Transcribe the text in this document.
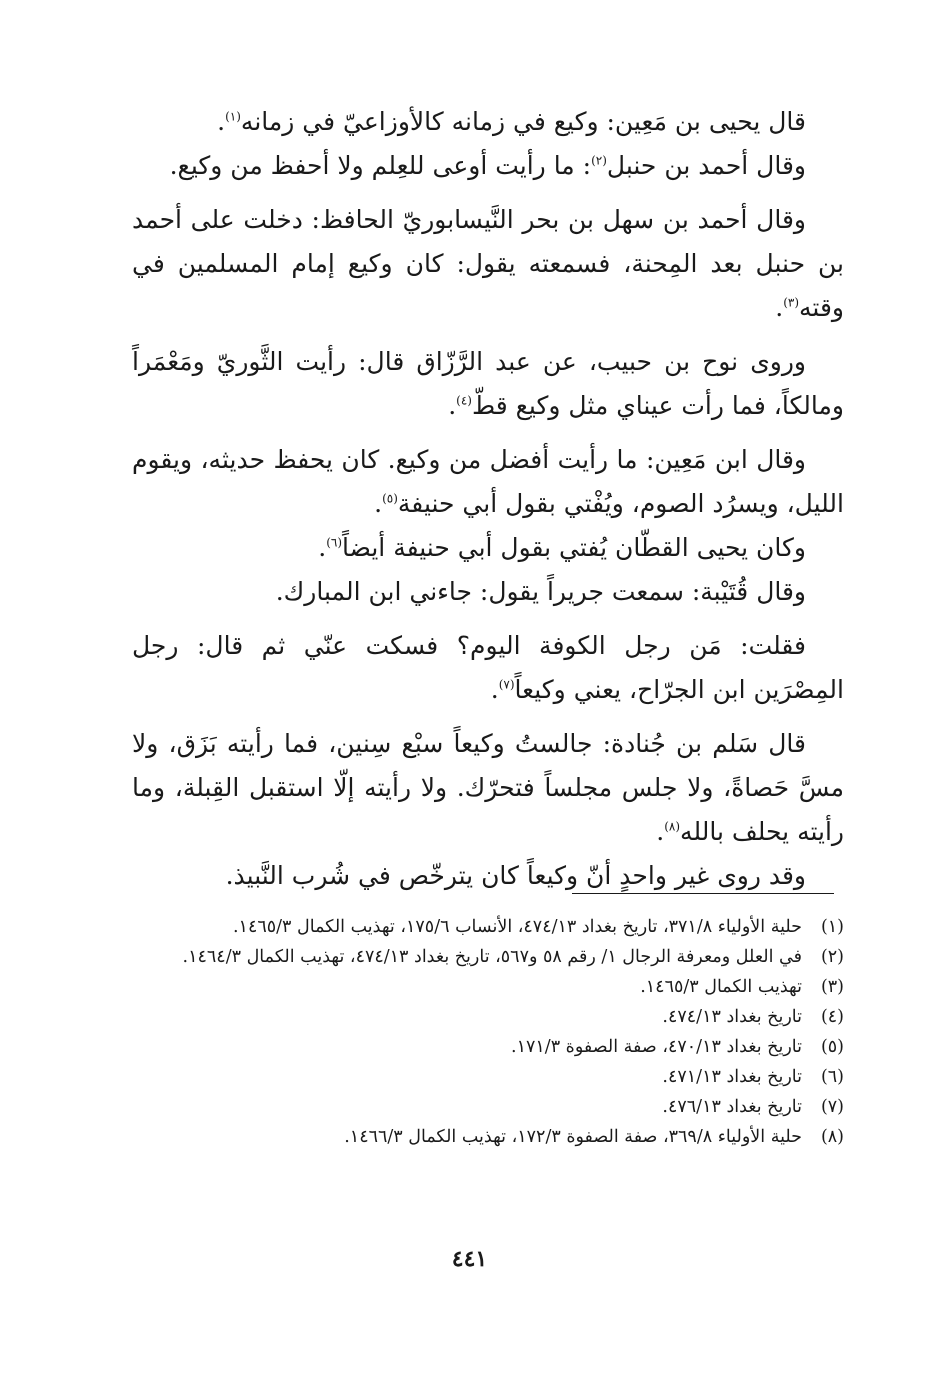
قال يحيى بن مَعِين: وكيع في زمانه كالأوزاعيّ في زمانه$^{(١)}$.

وقال أحمد بن حنبل$^{(٢)}$: ما رأيت أوعى للعِلم ولا أحفظ من وكيع.

وقال أحمد بن سهل بن بحر النَّيسابوريّ الحافظ: دخلت على أحمد بن حنبل بعد المِحنة، فسمعته يقول: كان وكيع إمام المسلمين في وقته$^{(٣)}$.

وروى نوح بن حبيب، عن عبد الرَّزّاق قال: رأيت الثَّوريّ ومَعْمَراً ومالكاً، فما رأت عيناي مثل وكيع قطّ$^{(٤)}$.

وقال ابن مَعِين: ما رأيت أفضل من وكيع. كان يحفظ حديثه، ويقوم الليل، ويسرُد الصوم، ويُفْتي بقول أبي حنيفة$^{(٥)}$.

وكان يحيى القطّان يُفتي بقول أبي حنيفة أيضاً$^{(٦)}$.

وقال قُتَيْبة: سمعت جريراً يقول: جاءني ابن المبارك.

فقلت: مَن رجل الكوفة اليوم؟ فسكت عنّي ثم قال: رجل المِصْرَين ابن الجرّاح، يعني وكيعاً$^{(٧)}$.

قال سَلم بن جُنادة: جالستُ وكيعاً سبْع سِنين، فما رأيته بَزَق، ولا مسَّ حَصاةً، ولا جلس مجلساً فتحرّك. ولا رأيته إلّا استقبل القِبلة، وما رأيته يحلف بالله$^{(٨)}$.

وقد روى غير واحدٍ أنّ وكيعاً كان يترخّص في شُرب النَّبيذ.

(١)
حلية الأولياء ٣٧١/٨، تاريخ بغداد ٤٧٤/١٣، الأنساب ١٧٥/٦، تهذيب الكمال ١٤٦٥/٣.

(٢)
في العلل ومعرفة الرجال ١/ رقم ٥٨ و٥٦٧، تاريخ بغداد ٤٧٤/١٣، تهذيب الكمال ١٤٦٤/٣.

(٣)
تهذيب الكمال ١٤٦٥/٣.

(٤)
تاريخ بغداد ٤٧٤/١٣.

(٥)
تاريخ بغداد ٤٧٠/١٣، صفة الصفوة ١٧١/٣.

(٦)
تاريخ بغداد ٤٧١/١٣.

(٧)
تاريخ بغداد ٤٧٦/١٣.

(٨)
حلية الأولياء ٣٦٩/٨، صفة الصفوة ١٧٢/٣، تهذيب الكمال ١٤٦٦/٣.

٤٤١
